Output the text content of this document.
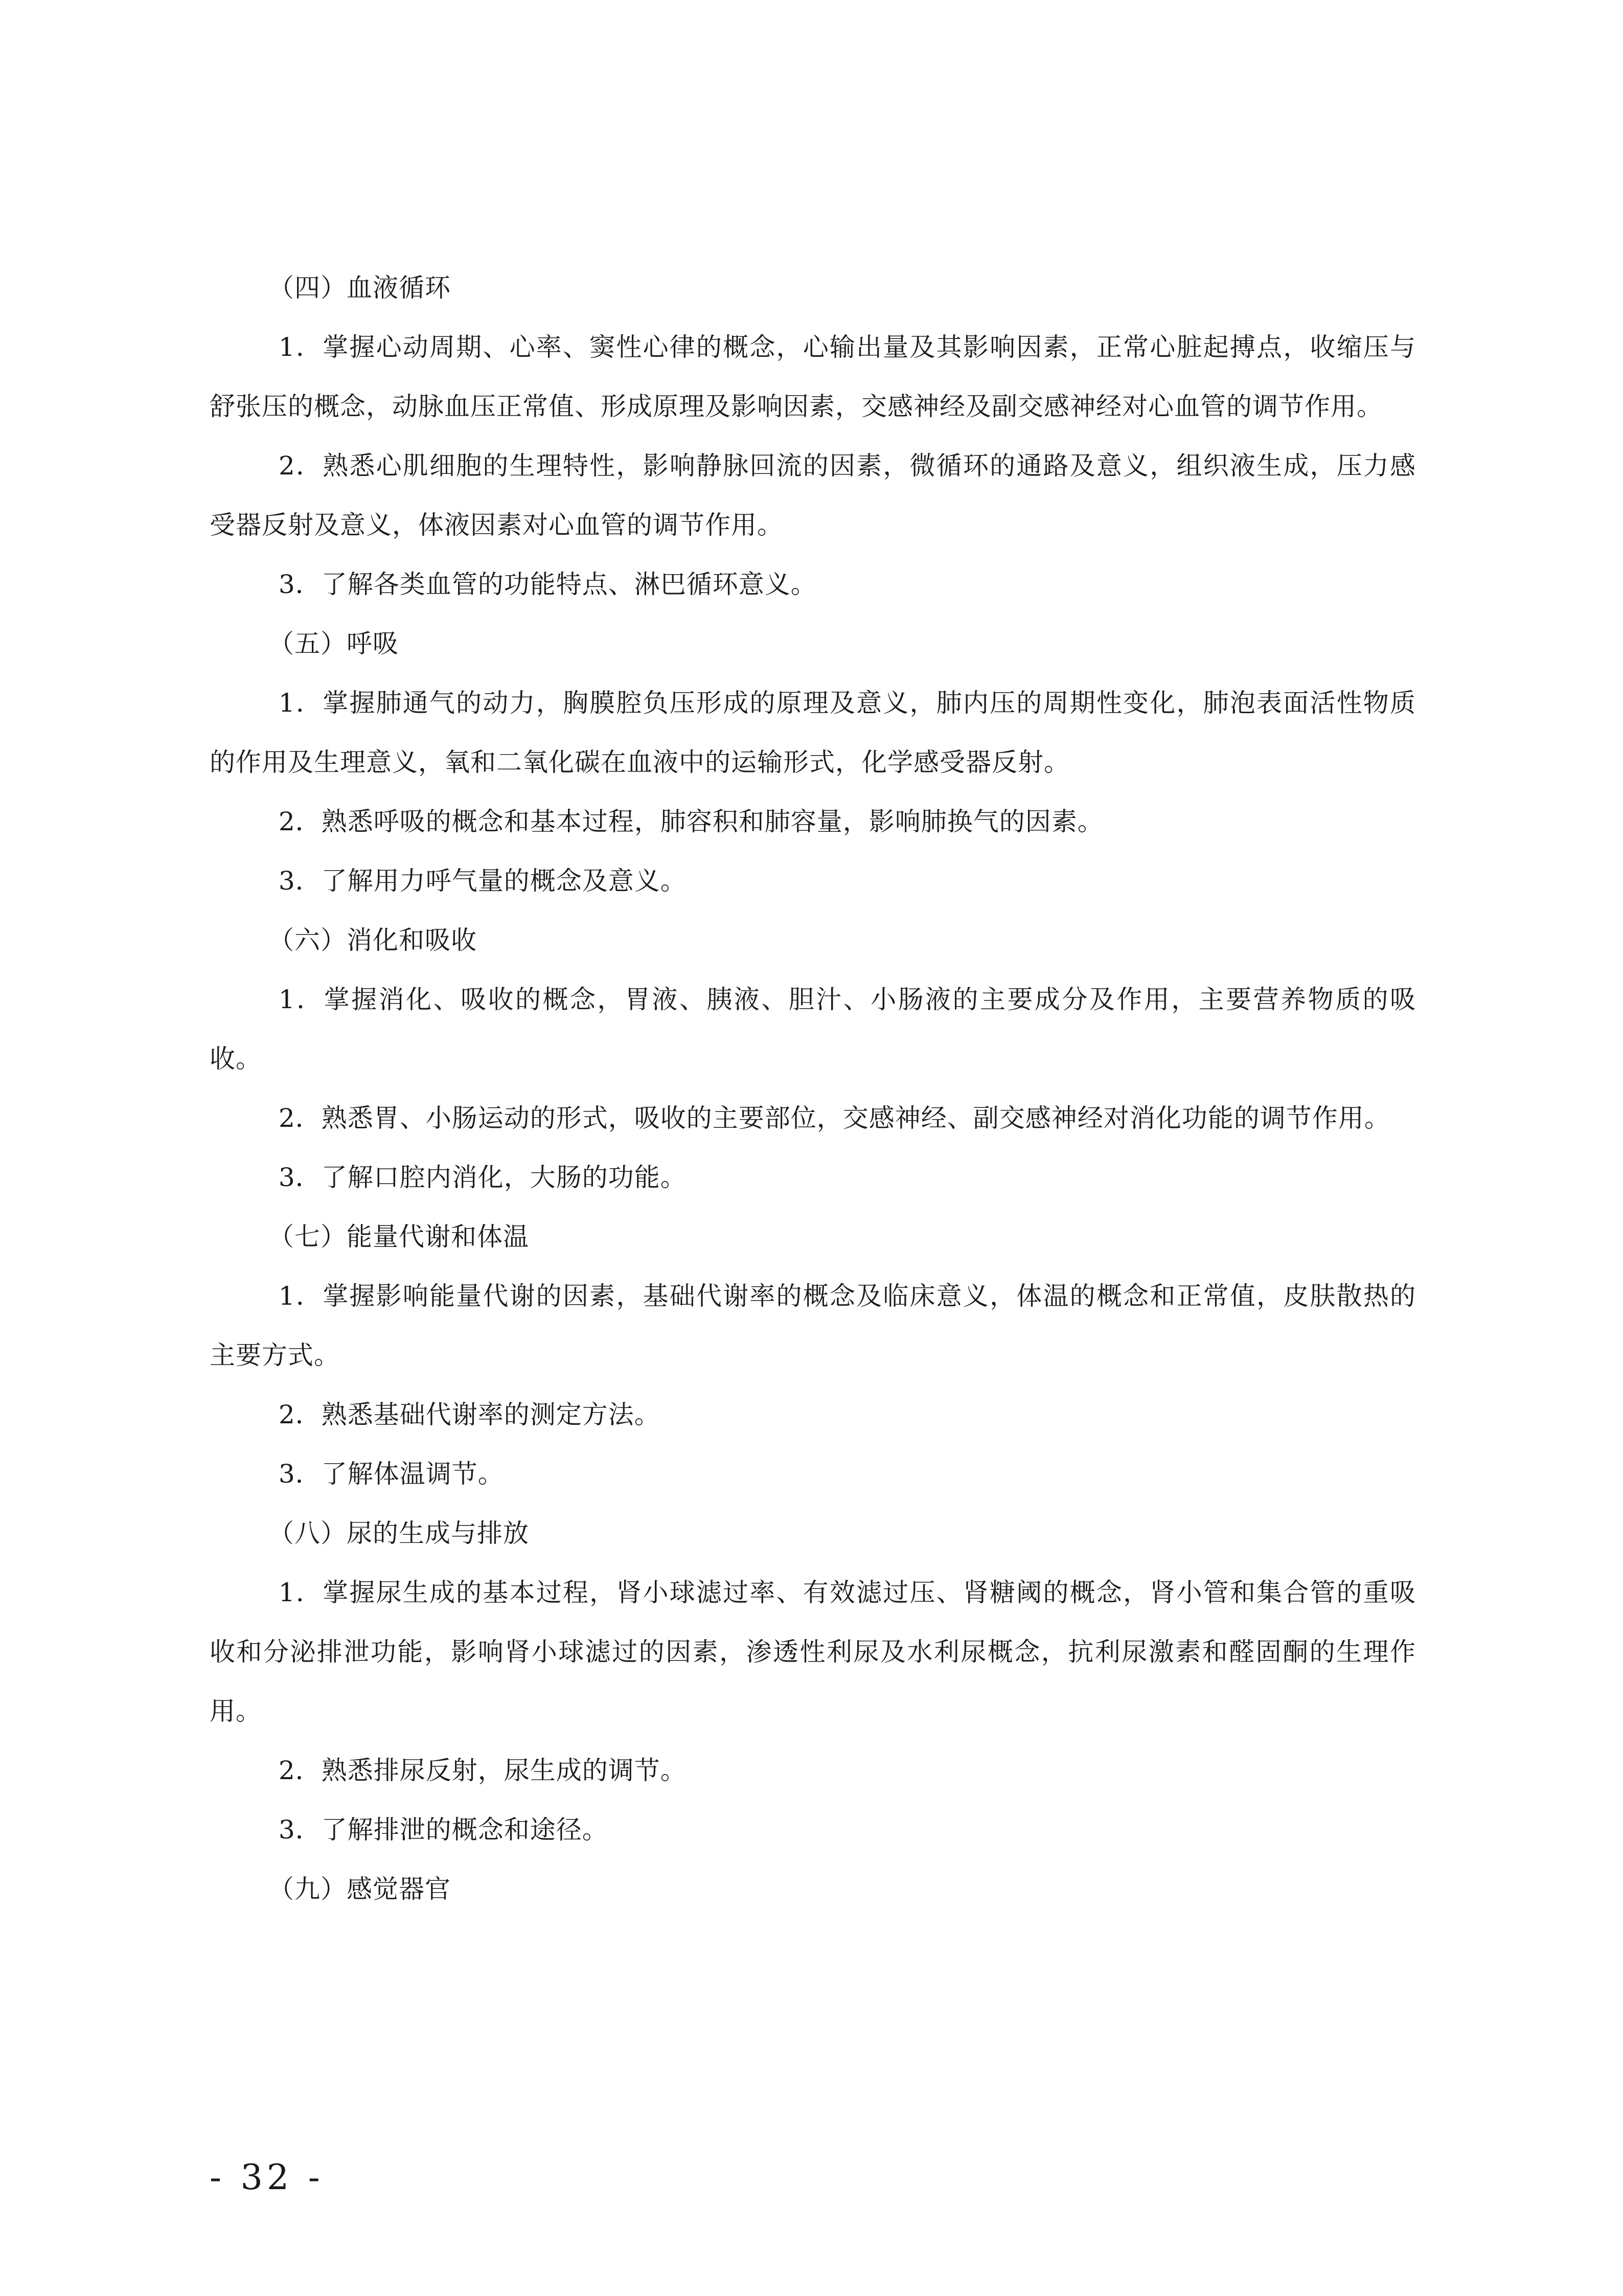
（四）血液循环

1．掌握心动周期、心率、窦性心律的概念，心输出量及其影响因素，正常心脏起搏点，收缩压与舒张压的概念，动脉血压正常值、形成原理及影响因素，交感神经及副交感神经对心血管的调节作用。

2．熟悉心肌细胞的生理特性，影响静脉回流的因素，微循环的通路及意义，组织液生成，压力感受器反射及意义，体液因素对心血管的调节作用。

3．了解各类血管的功能特点、淋巴循环意义。

（五）呼吸

1．掌握肺通气的动力，胸膜腔负压形成的原理及意义，肺内压的周期性变化，肺泡表面活性物质的作用及生理意义，氧和二氧化碳在血液中的运输形式，化学感受器反射。

2．熟悉呼吸的概念和基本过程，肺容积和肺容量，影响肺换气的因素。

3．了解用力呼气量的概念及意义。

（六）消化和吸收

1．掌握消化、吸收的概念，胃液、胰液、胆汁、小肠液的主要成分及作用，主要营养物质的吸收。

2．熟悉胃、小肠运动的形式，吸收的主要部位，交感神经、副交感神经对消化功能的调节作用。

3．了解口腔内消化，大肠的功能。

（七）能量代谢和体温

1．掌握影响能量代谢的因素，基础代谢率的概念及临床意义，体温的概念和正常值，皮肤散热的主要方式。

2．熟悉基础代谢率的测定方法。

3．了解体温调节。

（八）尿的生成与排放

1．掌握尿生成的基本过程，肾小球滤过率、有效滤过压、肾糖阈的概念，肾小管和集合管的重吸收和分泌排泄功能，影响肾小球滤过的因素，渗透性利尿及水利尿概念，抗利尿激素和醛固酮的生理作用。

2．熟悉排尿反射，尿生成的调节。

3．了解排泄的概念和途径。

（九）感觉器官

- 32 -
